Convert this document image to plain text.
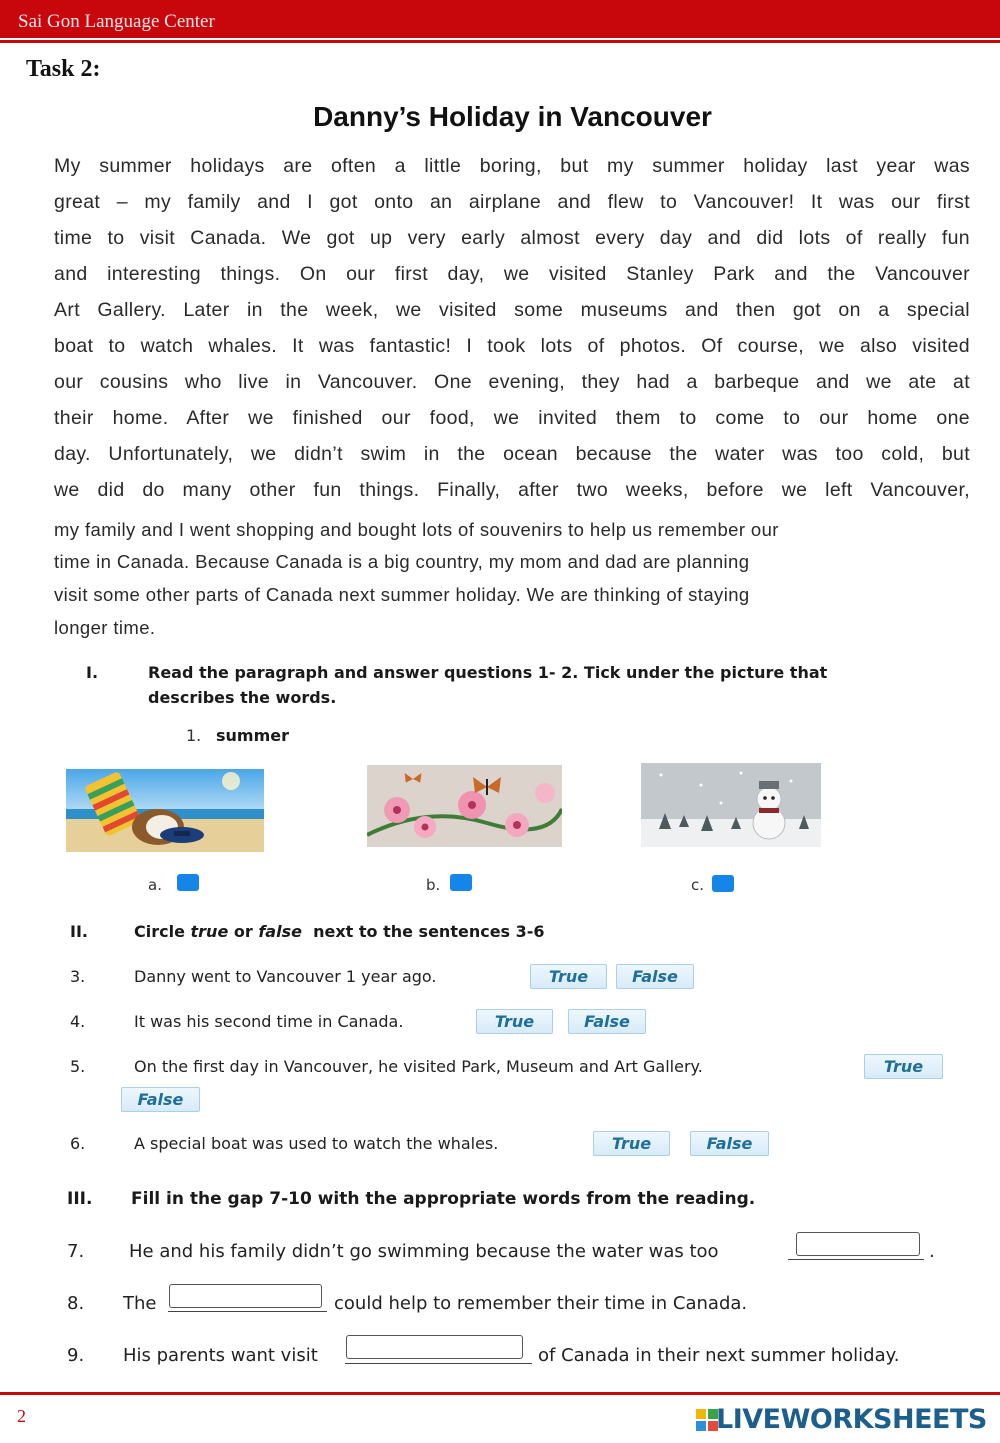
Sai Gon Language Center
Task 2:
Danny’s Holiday in Vancouver
My summer holidays are often a little boring, but my summer holiday last year was
great – my family and I got onto an airplane and flew to Vancouver! It was our first
time to visit Canada. We got up very early almost every day and did lots of really fun
and interesting things. On our first day, we visited Stanley Park and the Vancouver
Art Gallery. Later in the week, we visited some museums and then got on a special
boat to watch whales. It was fantastic! I took lots of photos. Of course, we also visited
our cousins who live in Vancouver. One evening, they had a barbeque and we ate at
their home. After we finished our food, we invited them to come to our home one
day. Unfortunately, we didn’t swim in the ocean because the water was too cold, but
we did do many other fun things. Finally, after two weeks, before we left Vancouver,
my family and I went shopping and bought lots of souvenirs to help us remember our
time in Canada. Because Canada is a big country, my mom and dad are planning
visit some other parts of Canada next summer holiday. We are thinking of staying
longer time.
I.	Read the paragraph and answer questions 1- 2. Tick under the picture that
describes the words.
1. summer
a.	b.	c.
II.	Circle true or false  next to the sentences 3-6
3.	Danny went to Vancouver 1 year ago.	True	False
4.	It was his second time in Canada.	True	False
5.	On the first day in Vancouver, he visited Park, Museum and Art Gallery.	True
False
6.	A special boat was used to watch the whales.	True	False
III. Fill in the gap 7-10 with the appropriate words from the reading.
7. He and his family didn’t go swimming because the water was too	.
8. The	could help to remember their time in Canada.
9. His parents want visit	of Canada in their next summer holiday.
2	LIVEWORKSHEETS
